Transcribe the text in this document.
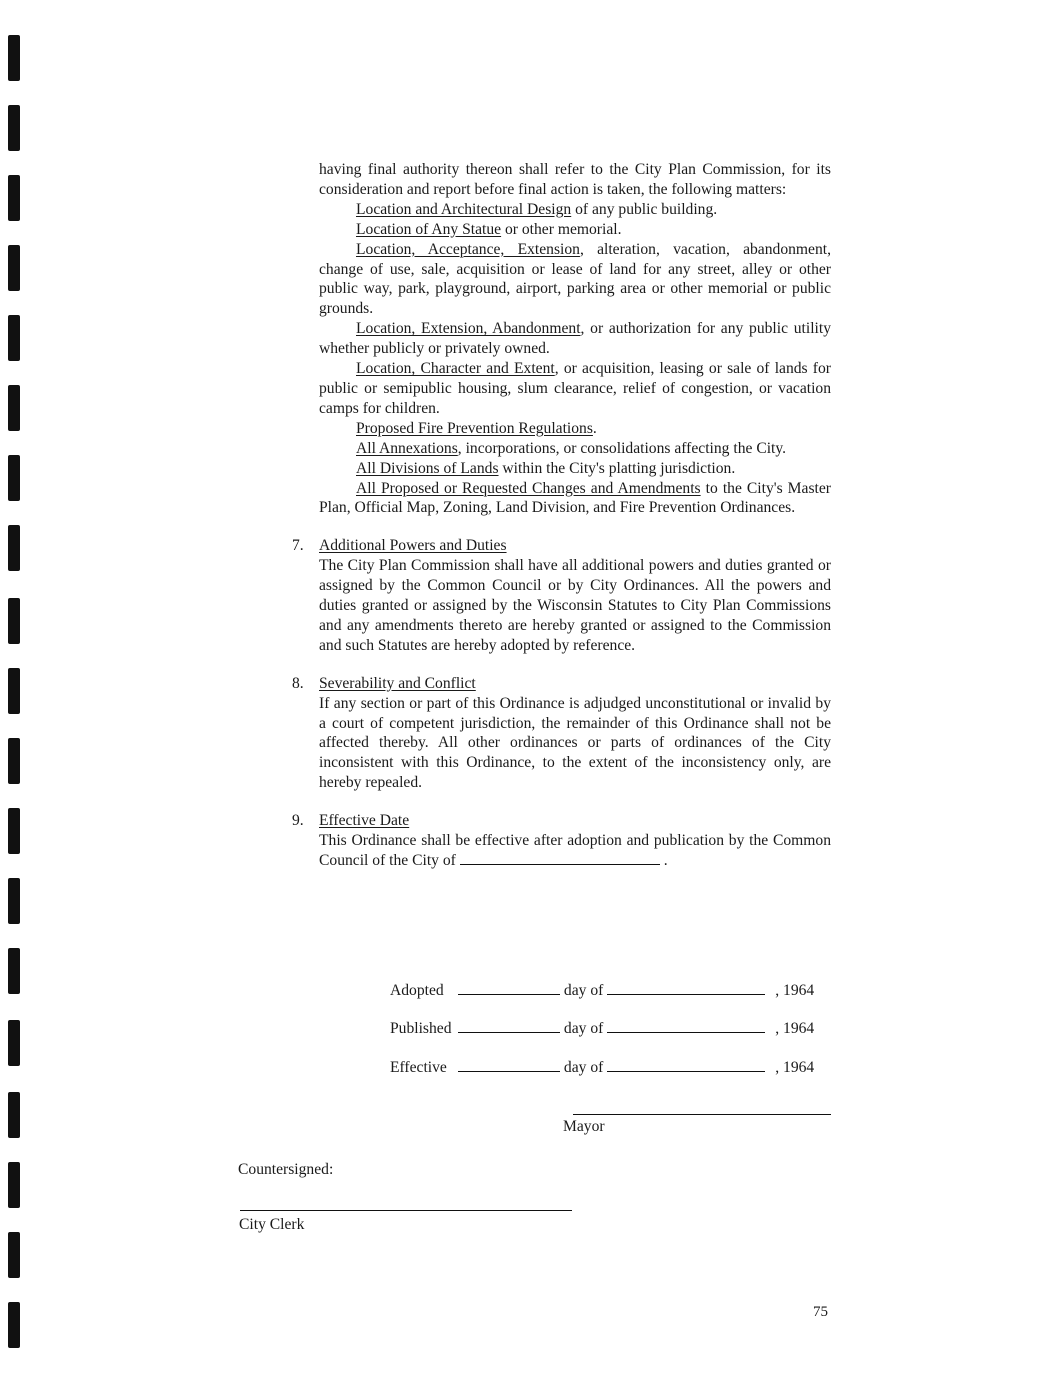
having final authority thereon shall refer to the City Plan Commission, for its consideration and report before final action is taken, the following matters:

Location and Architectural Design of any public building.

Location of Any Statue or other memorial.

Location, Acceptance, Extension, alteration, vacation, abandonment, change of use, sale, acquisition or lease of land for any street, alley or other public way, park, playground, airport, parking area or other memorial or public grounds.

Location, Extension, Abandonment, or authorization for any public utility whether publicly or privately owned.

Location, Character and Extent, or acquisition, leasing or sale of lands for public or semipublic housing, slum clearance, relief of congestion, or vacation camps for children.

Proposed Fire Prevention Regulations.

All Annexations, incorporations, or consolidations affecting the City.

All Divisions of Lands within the City's platting jurisdiction.

All Proposed or Requested Changes and Amendments to the City's Master Plan, Official Map, Zoning, Land Division, and Fire Prevention Ordinances.

7. Additional Powers and Duties

The City Plan Commission shall have all additional powers and duties granted or assigned by the Common Council or by City Ordinances. All the powers and duties granted or assigned by the Wisconsin Statutes to City Plan Commissions and any amendments thereto are hereby granted or assigned to the Commission and such Statutes are hereby adopted by reference.

8. Severability and Conflict

If any section or part of this Ordinance is adjudged unconstitutional or invalid by a court of competent jurisdiction, the remainder of this Ordinance shall not be affected thereby. All other ordinances or parts of ordinances of the City inconsistent with this Ordinance, to the extent of the inconsistency only, are hereby repealed.

9. Effective Date

This Ordinance shall be effective after adoption and publication by the Common Council of the City of	.

Adopted	day of	, 1964
Published	day of	, 1964
Effective	day of	, 1964
Mayor
Countersigned:
City Clerk
75
